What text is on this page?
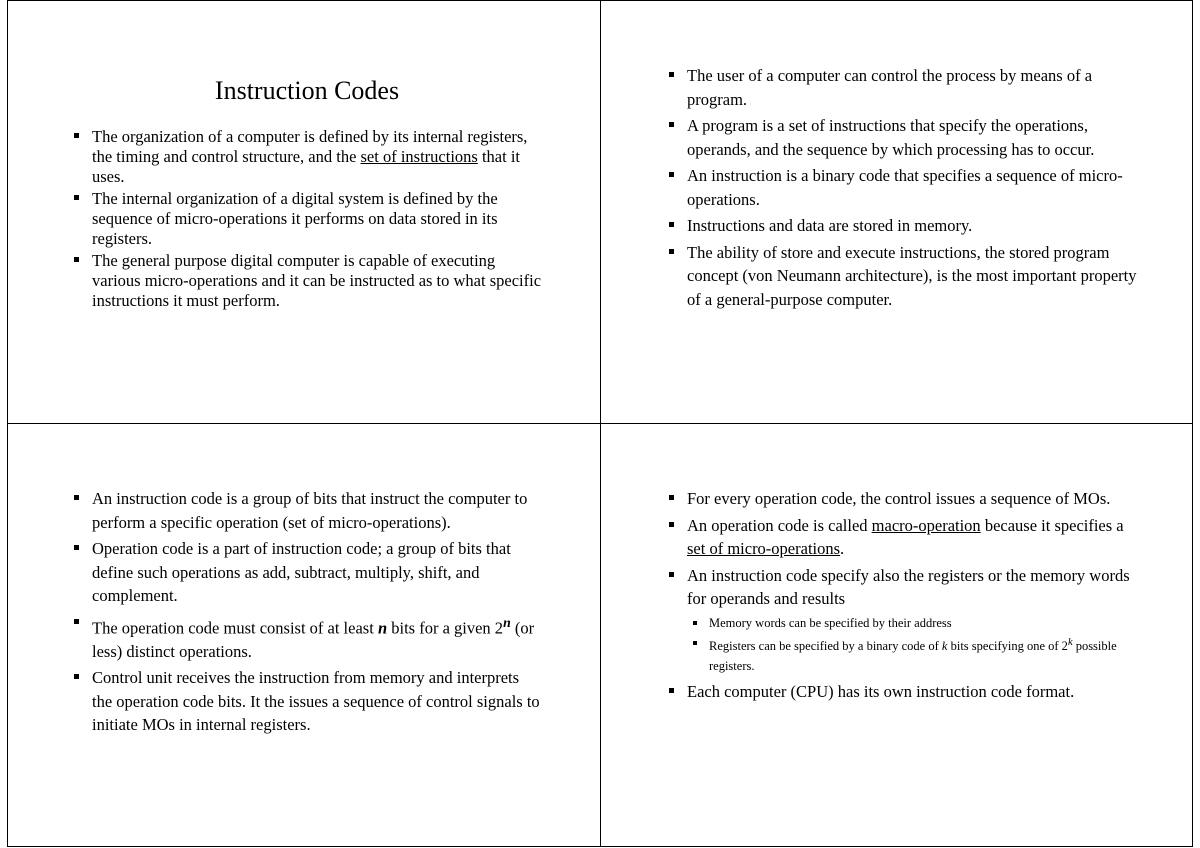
Instruction Codes
The organization of a computer is defined by its internal registers, the timing and control structure, and the set of instructions that it uses.
The internal organization of a digital system is defined by the sequence of micro-operations it performs on data stored in its registers.
The general purpose digital computer is capable of executing various micro-operations and it can be instructed as to what specific instructions it must perform.
The user of a computer can control the process by means of a program.
A program is a set of instructions that specify the operations, operands, and the sequence by which processing has to occur.
An instruction is a binary code that specifies a sequence of micro-operations.
Instructions and data are stored in memory.
The ability of store and execute instructions, the stored program concept (von Neumann architecture), is the most important property of a general-purpose computer.
An instruction code is a group of bits that instruct the computer to perform a specific operation (set of micro-operations).
Operation code is a part of instruction code; a group of bits that define such operations as add, subtract, multiply, shift, and complement.
The operation code must consist of at least n bits for a given 2$^n$ (or less) distinct operations.
Control unit receives the instruction from memory and interprets the operation code bits. It the issues a sequence of control signals to initiate MOs in internal registers.
For every operation code, the control issues a sequence of MOs.
An operation code is called macro-operation because it specifies a set of micro-operations.
An instruction code specify also the registers or the memory words for operands and results
Memory words can be specified by their address
Registers can be specified by a binary code of k bits specifying one of 2$^k$ possible registers.
Each computer (CPU) has its own instruction code format.
